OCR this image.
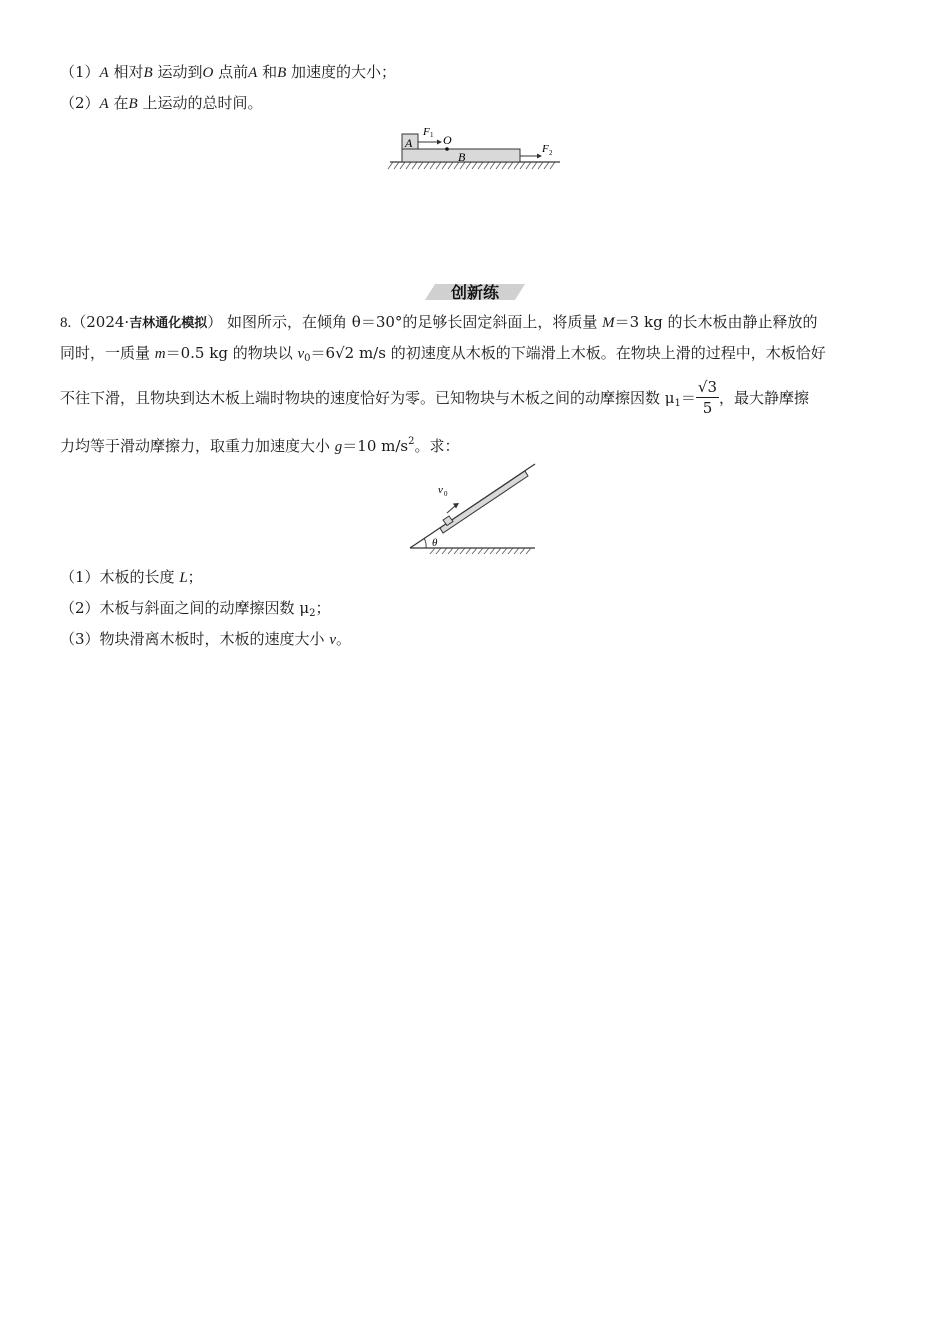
（1）A 相对B 运动到O 点前A 和B 加速度的大小；
（2）A 在B 上运动的总时间。
A
B
F 1 O
F 2
创新练
8.（2024·吉林通化模拟） 如图所示，在倾角 θ＝30°的足够长固定斜面上，将质量 M＝3 kg 的长木板由静止释放的
同时，一质量 m＝0.5 kg 的物块以 $v_0=6√2$ m/s 的初速度从木板的下端滑上木板。在物块上滑的过程中，木板恰好
不往下滑，且物块到达木板上端时物块的速度恰好为零。已知物块与木板之间的动摩擦因数 $\mu_1= \frac{√3}{5}$ ，最大静摩擦
力均等于滑动摩擦力，取重力加速度大小 g＝10 $m/s^2$。求：
v 0
θ
（1）木板的长度 L；
（2）木板与斜面之间的动摩擦因数 $\mu_2$；
（3）物块滑离木板时，木板的速度大小 v。
